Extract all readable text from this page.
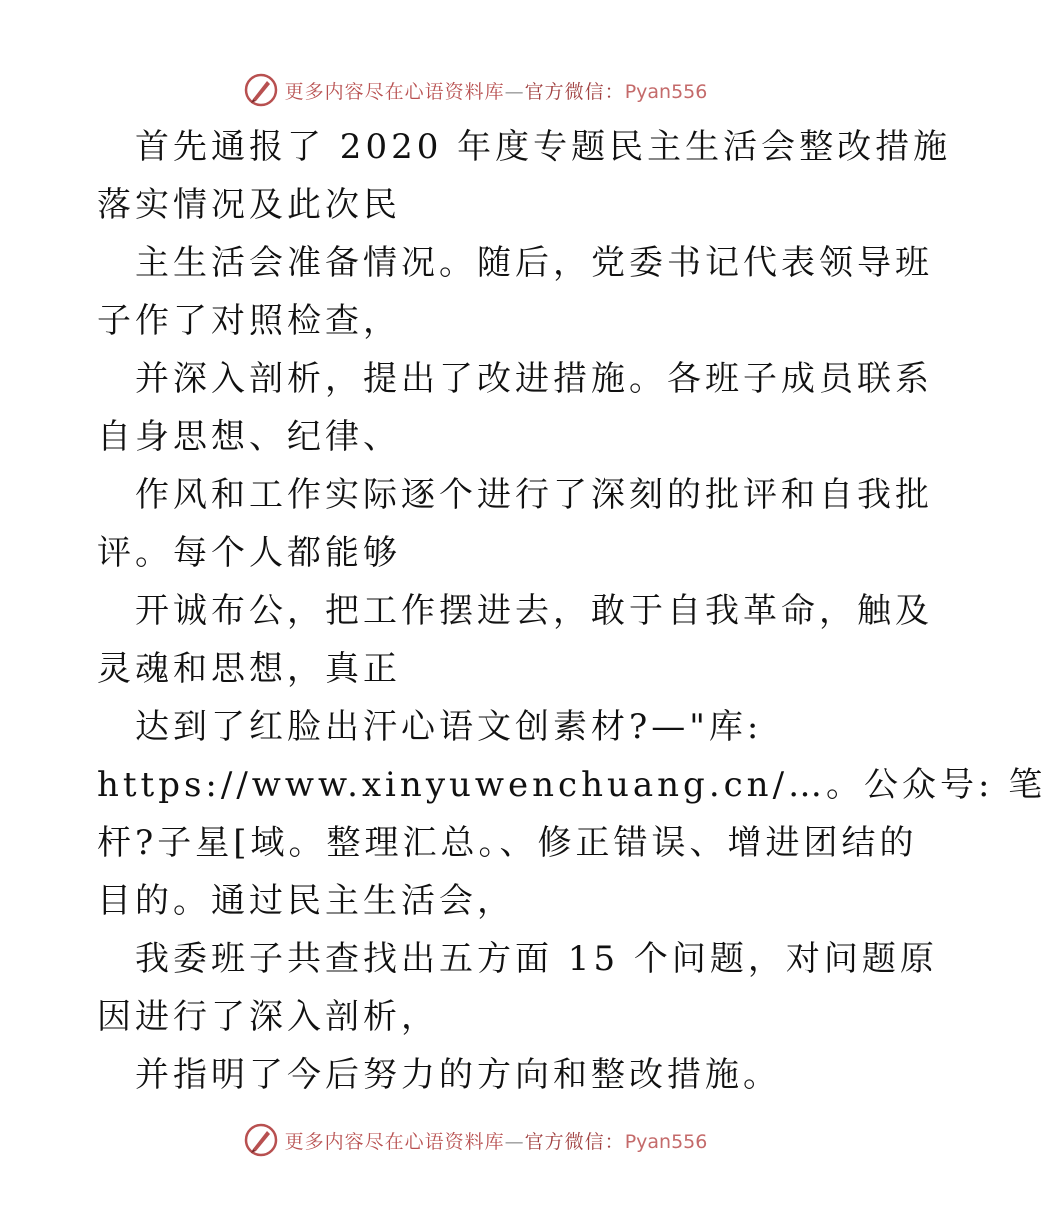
更多内容尽在心语资料库—官方微信：Pyan556
首先通报了 2020 年度专题民主生活会整改措施
落实情况及此次民
主生活会准备情况。随后，党委书记代表领导班
子作了对照检查，
并深入剖析，提出了改进措施。各班子成员联系
自身思想、纪律、
作风和工作实际逐个进行了深刻的批评和自我批
评。每个人都能够
开诚布公，把工作摆进去，敢于自我革命，触及
灵魂和思想，真正
达到了红脸出汗心语文创素材?—"库:
https://www.xinyuwenchuang.cn/…。公众号: 笔
杆?子星[域。整理汇总。、修正错误、增进团结的
目的。通过民主生活会，
我委班子共查找出五方面 15 个问题，对问题原
因进行了深入剖析，
并指明了今后努力的方向和整改措施。
更多内容尽在心语资料库—官方微信：Pyan556
